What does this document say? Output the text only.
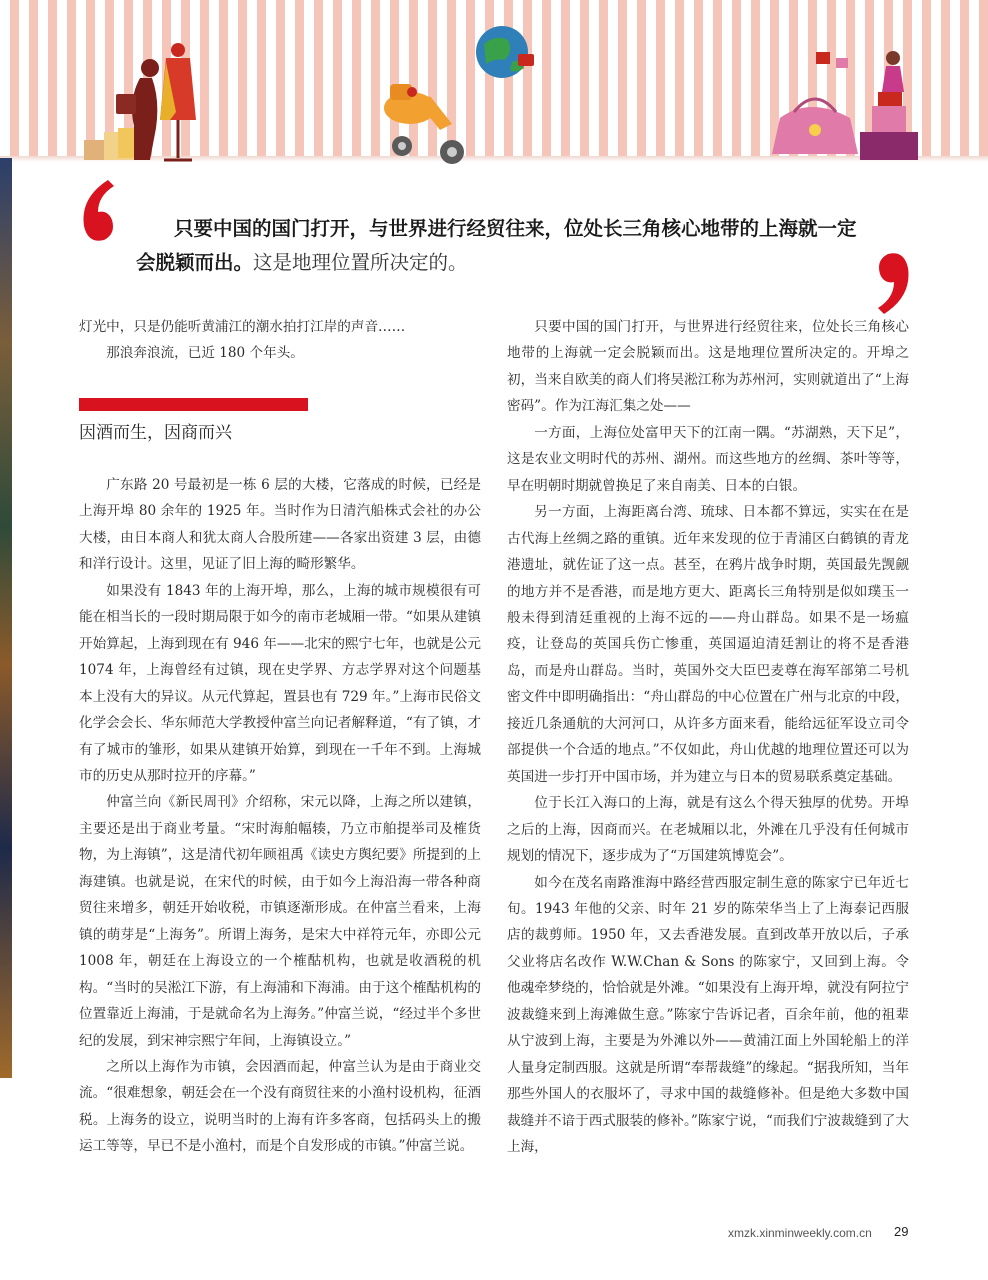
只要中国的国门打开，与世界进行经贸往来，位处长三角核心地带的上海就一定
会脱颖而出。这是地理位置所决定的。

灯光中，只是仍能听黄浦江的潮水拍打江岸的声音……

那浪奔浪流，已近 180 个年头。

因酒而生，因商而兴

广东路 20 号最初是一栋 6 层的大楼，它落成的时候，已经是上海开埠 80 余年的 1925 年。当时作为日清汽船株式会社的办公大楼，由日本商人和犹太商人合股所建——各家出资建 3 层，由德和洋行设计。这里，见证了旧上海的畸形繁华。

如果没有 1843 年的上海开埠，那么，上海的城市规模很有可能在相当长的一段时期局限于如今的南市老城厢一带。“如果从建镇开始算起，上海到现在有 946 年——北宋的熙宁七年，也就是公元 1074 年，上海曾经有过镇，现在史学界、方志学界对这个问题基本上没有大的异议。从元代算起，置县也有 729 年。”上海市民俗文化学会会长、华东师范大学教授仲富兰向记者解释道，“有了镇，才有了城市的雏形，如果从建镇开始算，到现在一千年不到。上海城市的历史从那时拉开的序幕。”

仲富兰向《新民周刊》介绍称，宋元以降，上海之所以建镇，主要还是出于商业考量。“宋时海舶幅辏，乃立市舶提举司及榷货物，为上海镇”，这是清代初年顾祖禹《读史方舆纪要》所提到的上海建镇。也就是说，在宋代的时候，由于如今上海沿海一带各种商贸往来增多，朝廷开始收税，市镇逐渐形成。在仲富兰看来，上海镇的萌芽是“上海务”。所谓上海务，是宋大中祥符元年，亦即公元 1008 年，朝廷在上海设立的一个榷酤机构，也就是收酒税的机构。“当时的吴淞江下游，有上海浦和下海浦。由于这个榷酤机构的位置靠近上海浦，于是就命名为上海务。”仲富兰说，“经过半个多世纪的发展，到宋神宗熙宁年间，上海镇设立。”

之所以上海作为市镇，会因酒而起，仲富兰认为是由于商业交流。“很难想象，朝廷会在一个没有商贸往来的小渔村设机构，征酒税。上海务的设立，说明当时的上海有许多客商，包括码头上的搬运工等等，早已不是小渔村，而是个自发形成的市镇。”仲富兰说。

只要中国的国门打开，与世界进行经贸往来，位处长三角核心地带的上海就一定会脱颖而出。这是地理位置所决定的。开埠之初，当来自欧美的商人们将吴淞江称为苏州河，实则就道出了“上海密码”。作为江海汇集之处——

一方面，上海位处富甲天下的江南一隅。“苏湖熟，天下足”，这是农业文明时代的苏州、湖州。而这些地方的丝绸、茶叶等等，早在明朝时期就曾换足了来自南美、日本的白银。

另一方面，上海距离台湾、琉球、日本都不算远，实实在在是古代海上丝绸之路的重镇。近年来发现的位于青浦区白鹤镇的青龙港遗址，就佐证了这一点。甚至，在鸦片战争时期，英国最先觊觎的地方并不是香港，而是地方更大、距离长三角特别是似如璞玉一般未得到清廷重视的上海不远的——舟山群岛。如果不是一场瘟疫，让登岛的英国兵伤亡惨重，英国逼迫清廷割让的将不是香港岛，而是舟山群岛。当时，英国外交大臣巴麦尊在海军部第二号机密文件中即明确指出：“舟山群岛的中心位置在广州与北京的中段，接近几条通航的大河河口，从许多方面来看，能给远征军设立司令部提供一个合适的地点。”不仅如此，舟山优越的地理位置还可以为英国进一步打开中国市场，并为建立与日本的贸易联系奠定基础。

位于长江入海口的上海，就是有这么个得天独厚的优势。开埠之后的上海，因商而兴。在老城厢以北，外滩在几乎没有任何城市规划的情况下，逐步成为了“万国建筑博览会”。

如今在茂名南路淮海中路经营西服定制生意的陈家宁已年近七旬。1943 年他的父亲、时年 21 岁的陈荣华当上了上海泰记西服店的裁剪师。1950 年，又去香港发展。直到改革开放以后，子承父业将店名改作 W.W.Chan & Sons 的陈家宁，又回到上海。令他魂牵梦绕的，恰恰就是外滩。“如果没有上海开埠，就没有阿拉宁波裁缝来到上海滩做生意。”陈家宁告诉记者，百余年前，他的祖辈从宁波到上海，主要是为外滩以外——黄浦江面上外国轮船上的洋人量身定制西服。这就是所谓“奉帮裁缝”的缘起。“据我所知，当年那些外国人的衣服坏了，寻求中国的裁缝修补。但是绝大多数中国裁缝并不谙于西式服装的修补。”陈家宁说，“而我们宁波裁缝到了大上海，

xmzk.xinminweekly.com.cn 29
